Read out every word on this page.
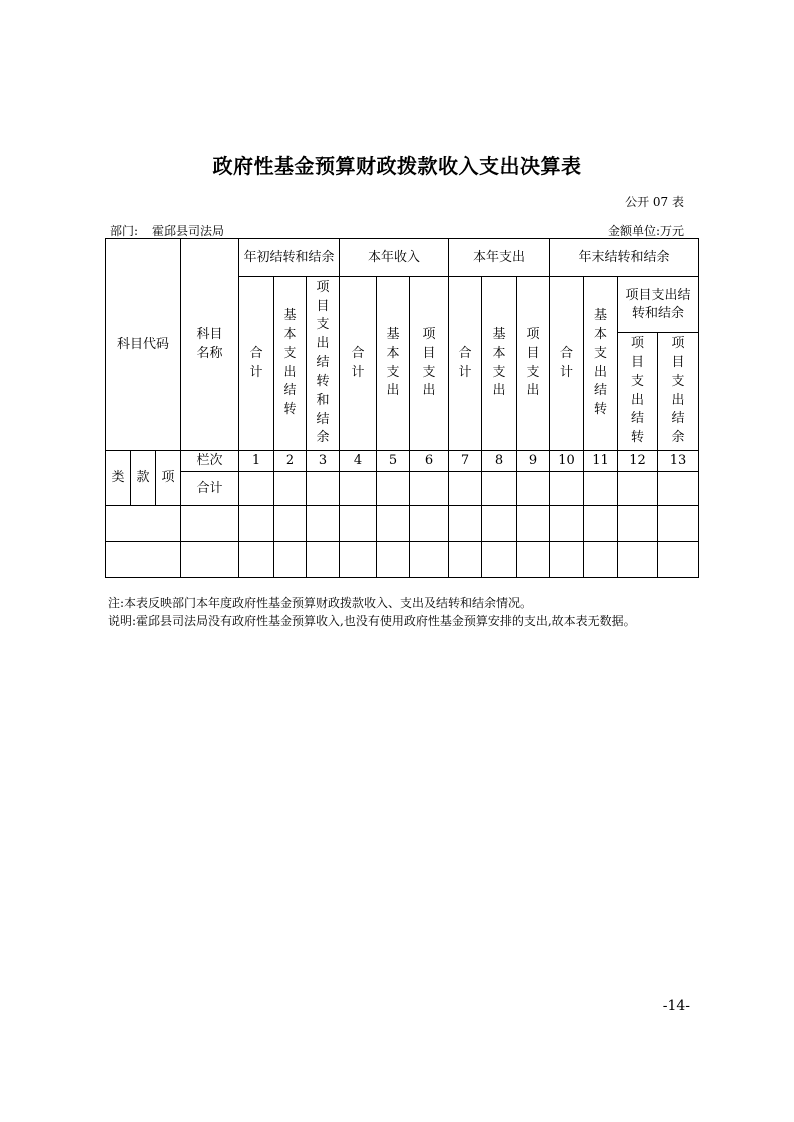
政府性基金预算财政拨款收入支出决算表
公开 07 表
部门: 霍邱县司法局	金额单位:万元
科目代码			科目名称	年初结转和结余			本年收入			本年支出			年末结转和结余			
				合计	基本支出结转	项目支出结转和结余	合计	基本支出	项目支出	合计	基本支出	项目支出	合计	基本支出结转	项目支出结转和结余	

															项目支出结转	项目支出结余
类	款	项	栏次	1	2	3	4	5	6	7	8	9	10	11	12	13
			合计													

注:本表反映部门本年度政府性基金预算财政拨款收入、支出及结转和结余情况。
说明:霍邱县司法局没有政府性基金预算收入,也没有使用政府性基金预算安排的支出,故本表无数据。
-14-
